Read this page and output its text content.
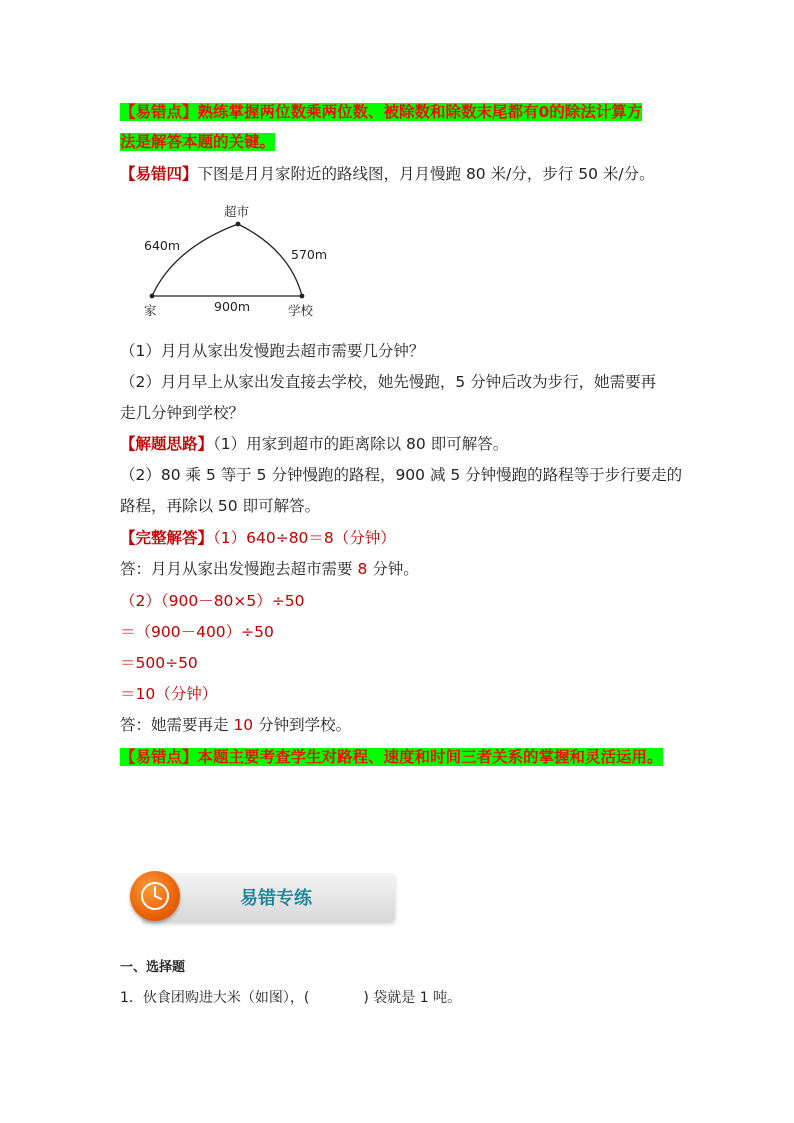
【易错点】熟练掌握两位数乘两位数、被除数和除数末尾都有0的除法计算方
法是解答本题的关键。
【易错四】下图是月月家附近的路线图，月月慢跑 80 米/分，步行 50 米/分。
超市
家	学校
640m
570m
900m
（1）月月从家出发慢跑去超市需要几分钟？
（2）月月早上从家出发直接去学校，她先慢跑，5 分钟后改为步行，她需要再
走几分钟到学校？
【解题思路】（1）用家到超市的距离除以 80 即可解答。
（2）80 乘 5 等于 5 分钟慢跑的路程，900 减 5 分钟慢跑的路程等于步行要走的
路程，再除以 50 即可解答。
【完整解答】（1）640÷80＝8（分钟）
答：月月从家出发慢跑去超市需要 8 分钟。
（2）（900－80×5）÷50
＝（900－400）÷50
＝500÷50
＝10（分钟）
答：她需要再走 10 分钟到学校。
【易错点】本题主要考查学生对路程、速度和时间三者关系的掌握和灵活运用。
易错专练
一、选择题
1．伙食团购进大米（如图），(	) 袋就是 1 吨。
